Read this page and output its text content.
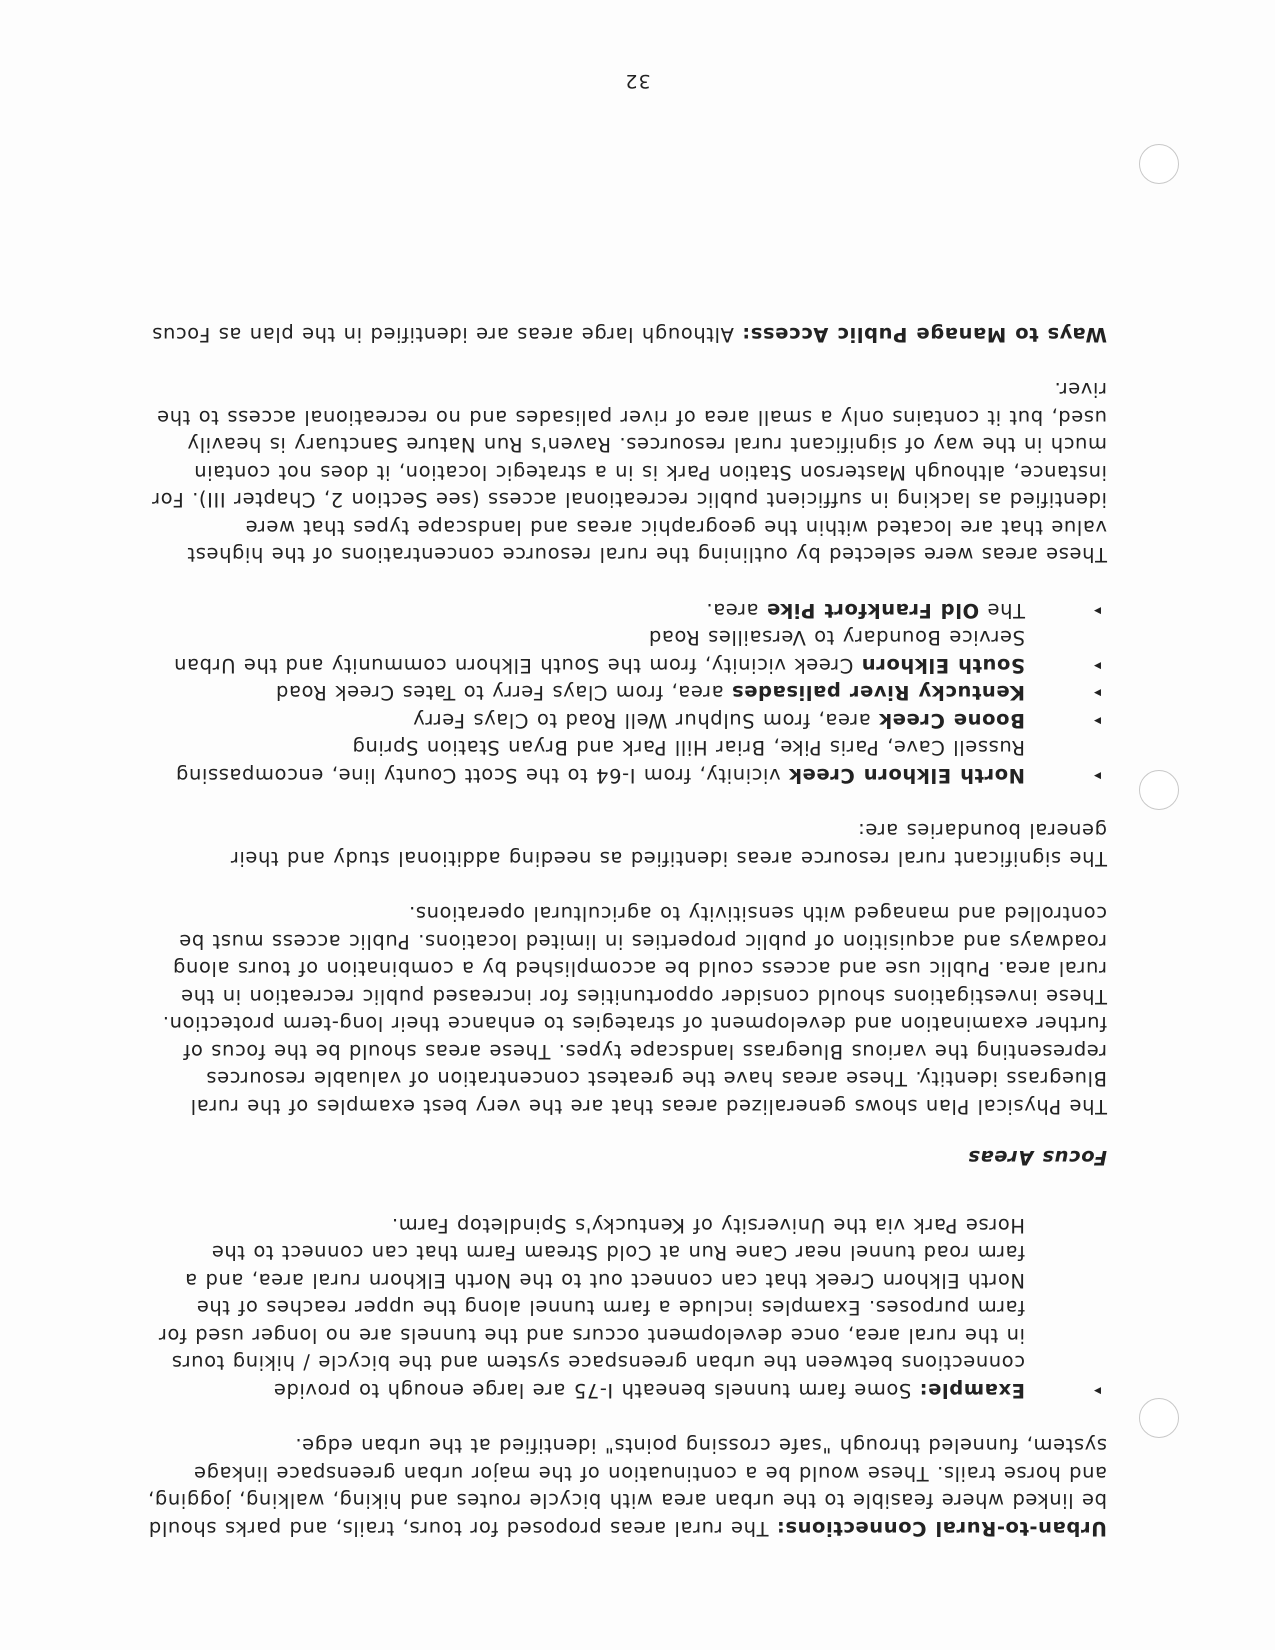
Urban-to-Rural Connections: The rural areas proposed for tours, trails, and parks should be linked where feasible to the urban area with bicycle routes and hiking, walking, jogging, and horse trails. These would be a continuation of the major urban greenspace linkage system, funneled through "safe crossing points" identified at the urban edge.

▸
Example: Some farm tunnels beneath I-75 are large enough to provide connections between the urban greenspace system and the bicycle / hiking tours in the rural area, once development occurs and the tunnels are no longer used for farm purposes. Examples include a farm tunnel along the upper reaches of the North Elkhorn Creek that can connect out to the North Elkhorn rural area, and a farm road tunnel near Cane Run at Cold Stream Farm that can connect to the Horse Park via the University of Kentucky's Spindletop Farm.

Focus Areas

The Physical Plan shows generalized areas that are the very best examples of the rural Bluegrass identity. These areas have the greatest concentration of valuable resources representing the various Bluegrass landscape types. These areas should be the focus of further examination and development of strategies to enhance their long-term protection. These investigations should consider opportunities for increased public recreation in the rural area. Public use and access could be accomplished by a combination of tours along roadways and acquisition of public properties in limited locations. Public access must be controlled and managed with sensitivity to agricultural operations.

The significant rural resource areas identified as needing additional study and their general boundaries are:

▸
North Elkhorn Creek vicinity, from I-64 to the Scott County line, encompassing Russell Cave, Paris Pike, Briar Hill Park and Bryan Station Spring

▸
Boone Creek area, from Sulphur Well Road to Clays Ferry

▸
Kentucky River palisades area, from Clays Ferry to Tates Creek Road

▸
South Elkhorn Creek vicinity, from the South Elkhorn community and the Urban Service Boundary to Versailles Road

▸
The Old Frankfort Pike area.

These areas were selected by outlining the rural resource concentrations of the highest value that are located within the geographic areas and landscape types that were identified as lacking in sufficient public recreational access (see Section 2, Chapter III). For instance, although Masterson Station Park is in a strategic location, it does not contain much in the way of significant rural resources. Raven's Run Nature Sanctuary is heavily used, but it contains only a small area of river palisades and no recreational access to the river.

Ways to Manage Public Access: Although large areas are identified in the plan as Focus

32
